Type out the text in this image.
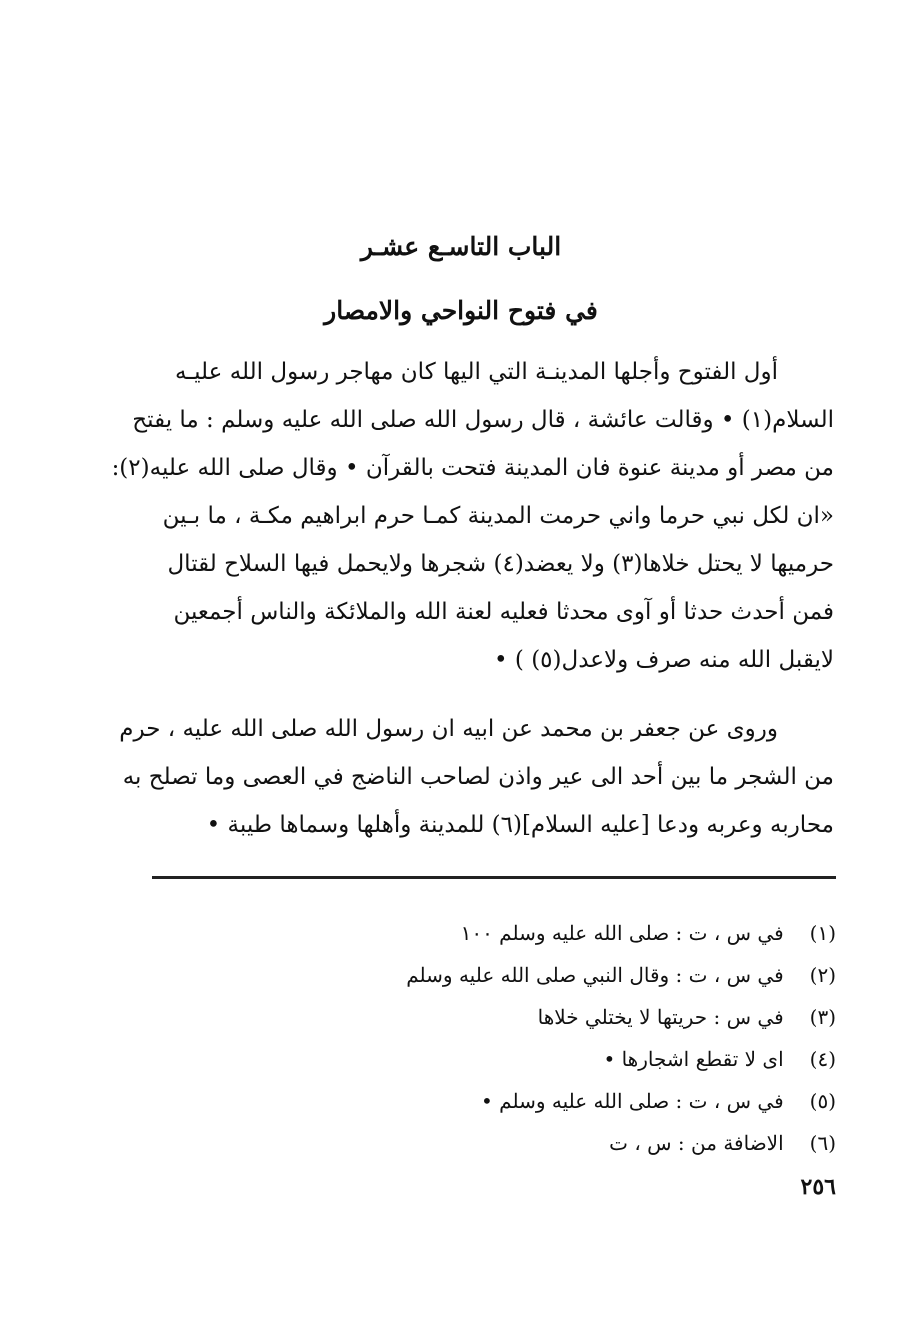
الباب التاسـع عشـر
في فتوح النواحي والامصار
أول الفتوح وأجلها المدينـة التي اليها كان مهاجر رسول الله عليـه
السلام(١) • وقالت عائشة ، قال رسول الله صلى الله عليه وسلم : ما يفتح
من مصر أو مدينة عنوة فان المدينة فتحت بالقرآن • وقال صلى الله عليه(٢):
«ان لكل نبي حرما واني حرمت المدينة كمـا حرم ابراهيم مكـة ، ما بـين
حرميها لا يحتل خلاها(٣) ولا يعضد(٤) شجرها ولايحمل فيها السلاح لقتال
فمن أحدث حدثا أو آوى محدثا فعليه لعنة الله والملائكة والناس أجمعين
لايقبل الله منه صرف ولاعدل(٥) ) •
وروى عن جعفر بن محمد عن ابيه ان رسول الله صلى الله عليه ، حرم
من الشجر ما بين أحد الى عير واذن لصاحب الناضج في العصى وما تصلح به
محاربه وعربه ودعا [عليه السلام](٦) للمدينة وأهلها وسماها طيبة •
(١) في س ، ت : صلى الله عليه وسلم ١٠٠
(٢) في س ، ت : وقال النبي صلى الله عليه وسلم
(٣) في س : حريتها لا يختلي خلاها
(٤) اى لا تقطع اشجارها •
(٥) في س ، ت : صلى الله عليه وسلم •
(٦) الاضافة من : س ، ت
٢٥٦
